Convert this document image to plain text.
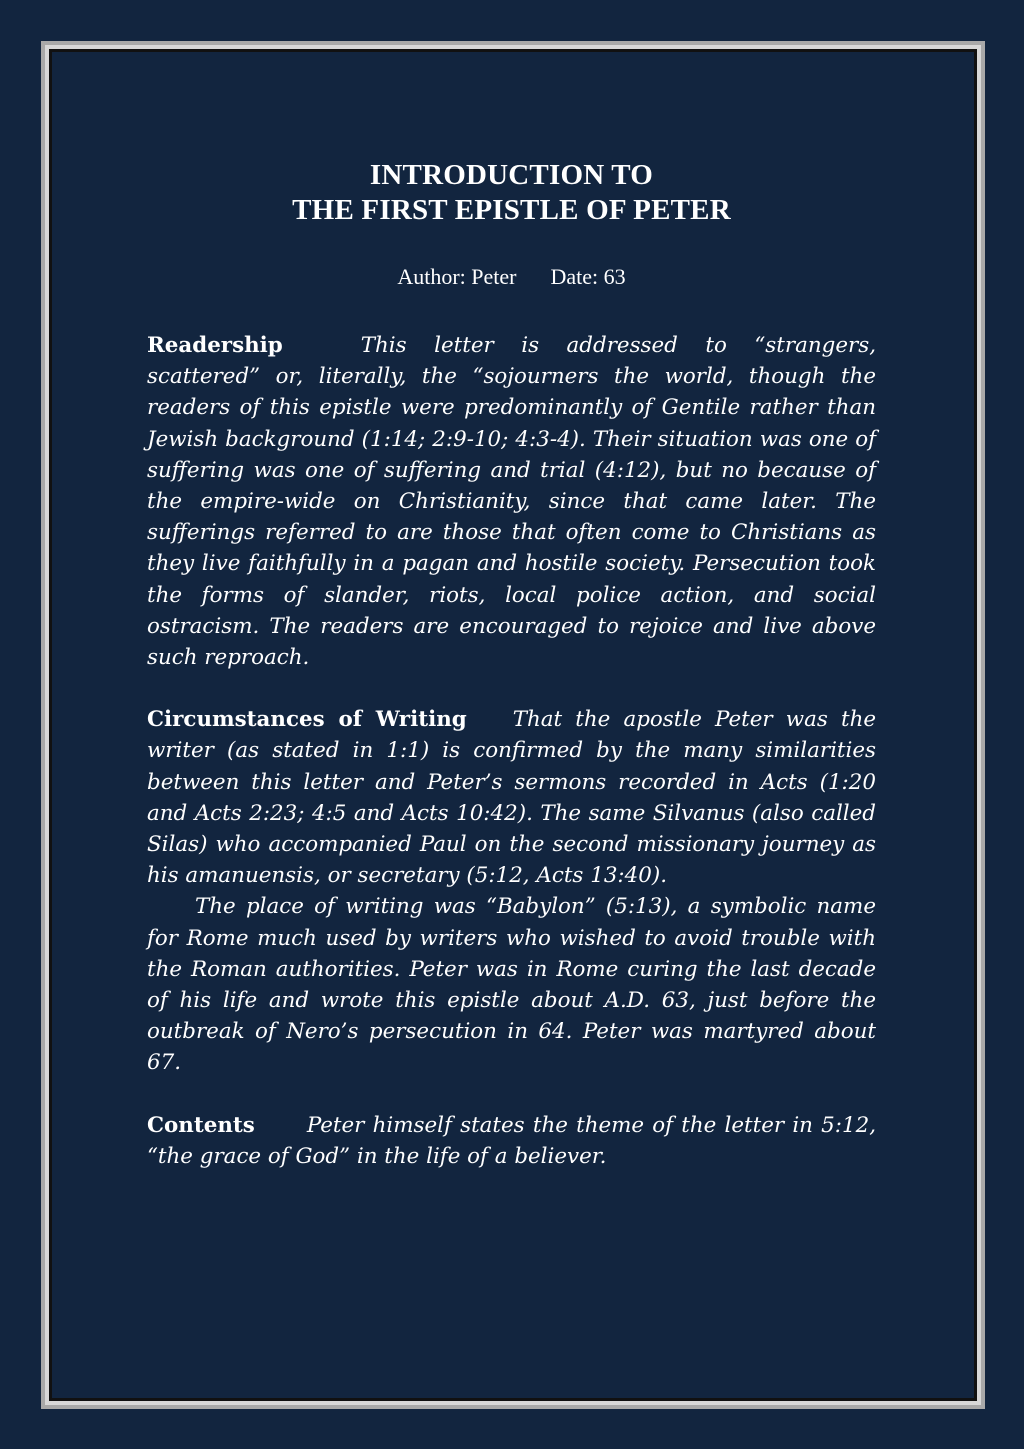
INTRODUCTION TO
THE FIRST EPISTLE OF PETER
Author: Peter Date: 63

Readership	This letter is addressed to “strangers, scattered” or, literally, the “sojourners the world, though the readers of this epistle were predominantly of Gentile rather than Jewish background (1:14; 2:9-10; 4:3-4). Their situation was one of suffering was one of suffering and trial (4:12), but no because of the empire-wide on Christianity, since that came later. The sufferings referred to are those that often come to Christians as they live faithfully in a pagan and hostile society. Persecution took the forms of slander, riots, local police action, and social ostracism. The readers are encouraged to rejoice and live above such reproach.

Circumstances of Writing That the apostle Peter was the writer (as stated in 1:1) is confirmed by the many similarities between this letter and Peter’s sermons recorded in Acts (1:20 and Acts 2:23; 4:5 and Acts 10:42). The same Silvanus (also called Silas) who accompanied Paul on the second missionary journey as his amanuensis, or secretary (5:12, Acts 13:40).

The place of writing was “Babylon” (5:13), a symbolic name for Rome much used by writers who wished to avoid trouble with the Roman authorities. Peter was in Rome curing the last decade of his life and wrote this epistle about A.D. 63, just before the outbreak of Nero’s persecution in 64. Peter was martyred about 67.

Contents Peter himself states the theme of the letter in 5:12, “the grace of God” in the life of a believer.
